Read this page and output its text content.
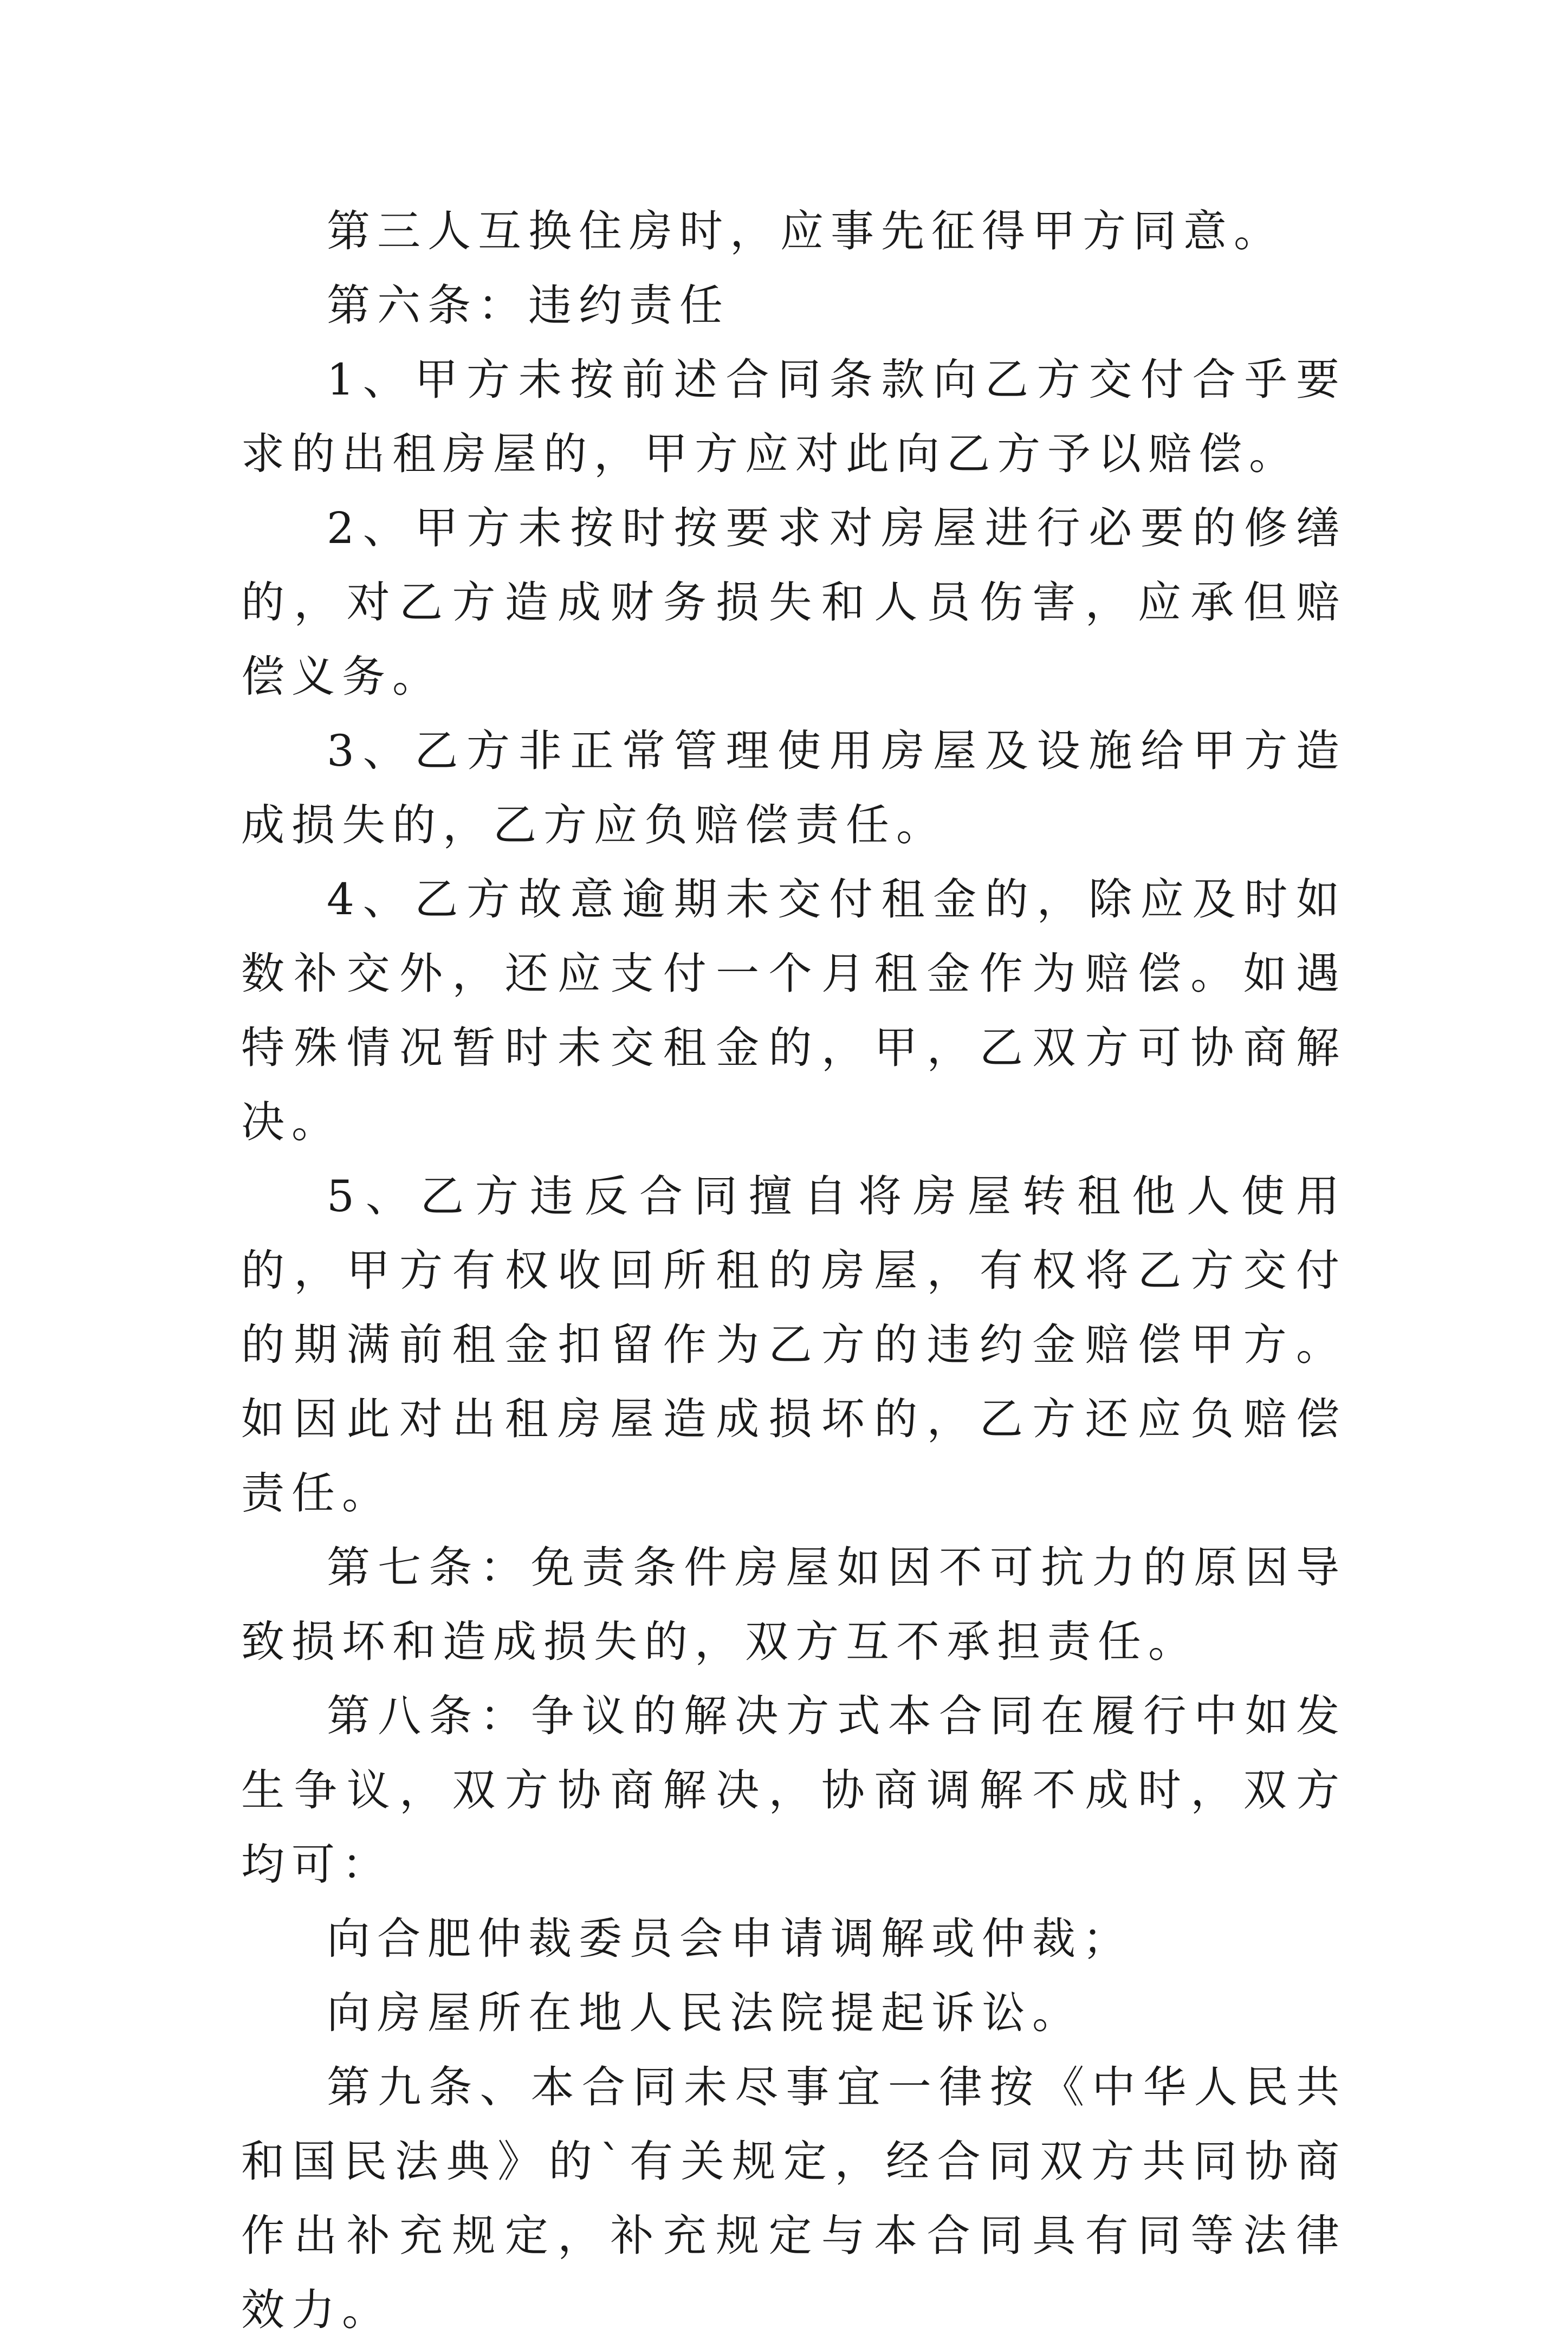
第三人互换住房时，应事先征得甲方同意。

第六条：违约责任

1、甲方未按前述合同条款向乙方交付合乎要求的出租房屋的，甲方应对此向乙方予以赔偿。

2、甲方未按时按要求对房屋进行必要的修缮的，对乙方造成财务损失和人员伤害，应承但赔偿义务。

3、乙方非正常管理使用房屋及设施给甲方造成损失的，乙方应负赔偿责任。

4、乙方故意逾期未交付租金的，除应及时如数补交外，还应支付一个月租金作为赔偿。如遇特殊情况暂时未交租金的，甲，乙双方可协商解决。

5、乙方违反合同擅自将房屋转租他人使用的，甲方有权收回所租的房屋，有权将乙方交付的期满前租金扣留作为乙方的违约金赔偿甲方。如因此对出租房屋造成损坏的，乙方还应负赔偿责任。

第七条：免责条件房屋如因不可抗力的原因导致损坏和造成损失的，双方互不承担责任。

第八条：争议的解决方式本合同在履行中如发生争议，双方协商解决，协商调解不成时，双方均可：

向合肥仲裁委员会申请调解或仲裁；

向房屋所在地人民法院提起诉讼。

第九条、本合同未尽事宜一律按《中华人民共和国民法典》的`有关规定，经合同双方共同协商作出补充规定，补充规定与本合同具有同等法律效力。
